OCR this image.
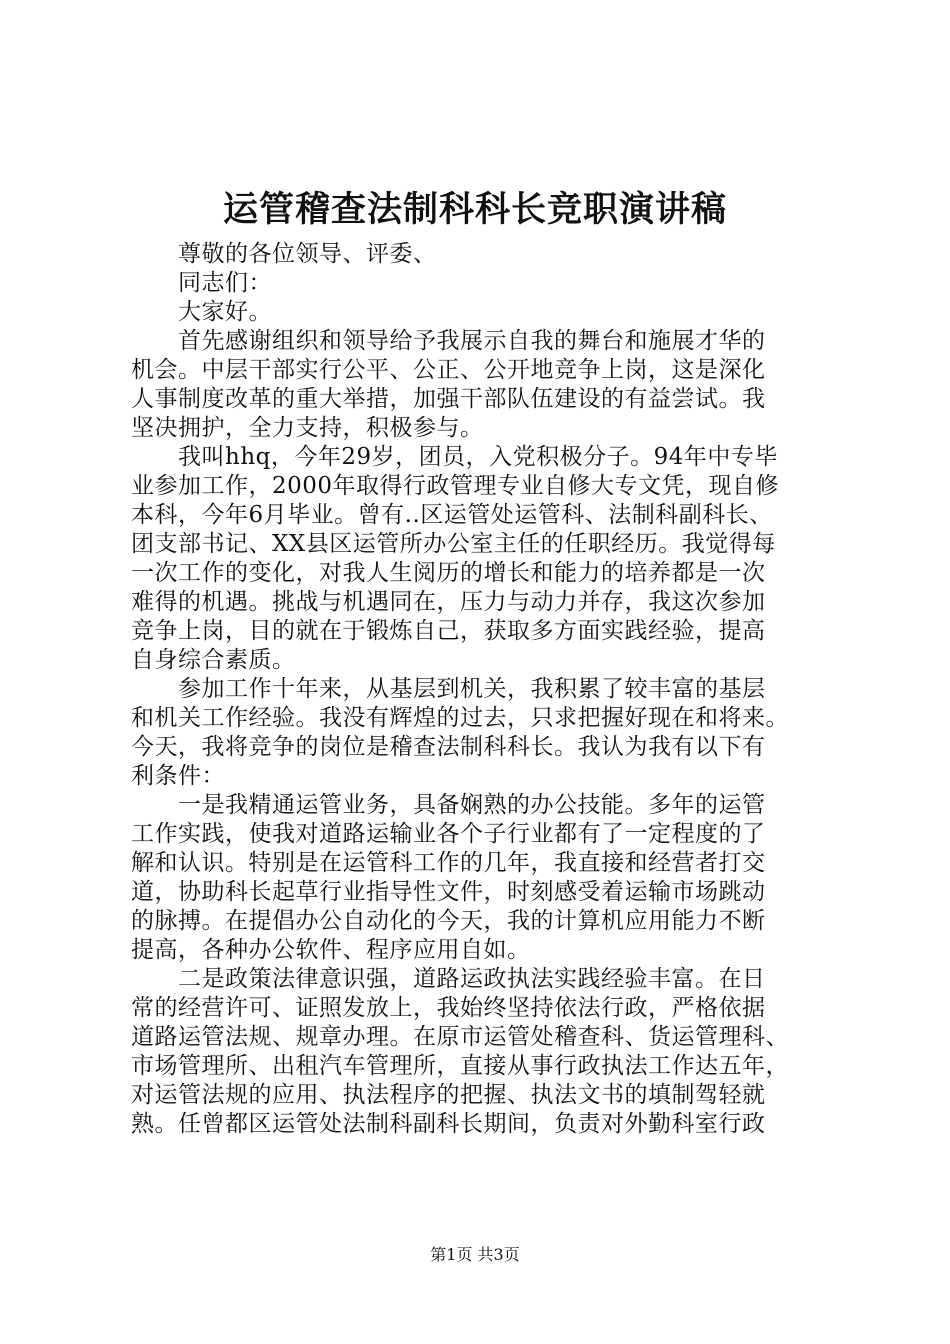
运管稽查法制科科长竞职演讲稿
　　尊敬的各位领导、评委、
　　同志们：
　　大家好。
　　首先感谢组织和领导给予我展示自我的舞台和施展才华的
机会。中层干部实行公平、公正、公开地竞争上岗，这是深化
人事制度改革的重大举措，加强干部队伍建设的有益尝试。我
坚决拥护，全力支持，积极参与。
　　我叫hhq，今年29岁，团员，入党积极分子。94年中专毕
业参加工作，2000年取得行政管理专业自修大专文凭，现自修
本科，今年6月毕业。曾有..区运管处运管科、法制科副科长、
团支部书记、XX县区运管所办公室主任的任职经历。我觉得每
一次工作的变化，对我人生阅历的增长和能力的培养都是一次
难得的机遇。挑战与机遇同在，压力与动力并存，我这次参加
竞争上岗，目的就在于锻炼自己，获取多方面实践经验，提高
自身综合素质。
　　参加工作十年来，从基层到机关，我积累了较丰富的基层
和机关工作经验。我没有辉煌的过去，只求把握好现在和将来。
今天，我将竞争的岗位是稽查法制科科长。我认为我有以下有
利条件：
　　一是我精通运管业务，具备娴熟的办公技能。多年的运管
工作实践，使我对道路运输业各个子行业都有了一定程度的了
解和认识。特别是在运管科工作的几年，我直接和经营者打交
道，协助科长起草行业指导性文件，时刻感受着运输市场跳动
的脉搏。在提倡办公自动化的今天，我的计算机应用能力不断
提高，各种办公软件、程序应用自如。
　　二是政策法律意识强，道路运政执法实践经验丰富。在日
常的经营许可、证照发放上，我始终坚持依法行政，严格依据
道路运管法规、规章办理。在原市运管处稽查科、货运管理科、
市场管理所、出租汽车管理所，直接从事行政执法工作达五年，
对运管法规的应用、执法程序的把握、执法文书的填制驾轻就
熟。任曾都区运管处法制科副科长期间，负责对外勤科室行政
第1页 共3页
